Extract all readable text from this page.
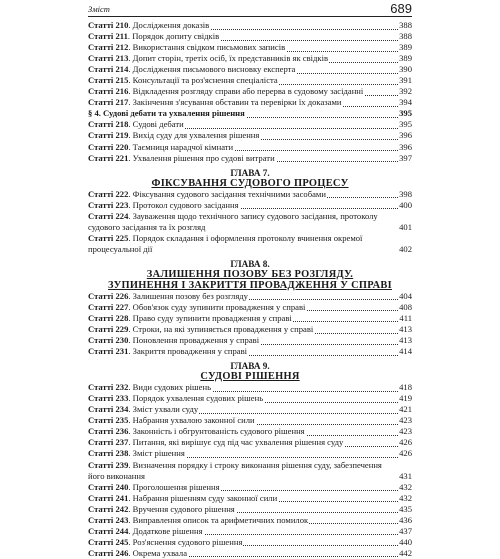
Зміст	689
Статтi 210. Дослідження доказів	388
Статтi 211. Порядок допиту свідків	388
Статтi 212. Використання свідком письмових записів	389
Статтi 213. Допит сторін, третіх осіб, їх представників як свідків	389
Статтi 214. Дослідження письмового висновку експерта	390
Статтi 215. Консультації та роз'яснення спеціаліста	391
Статтi 216. Відкладення розгляду справи або перерва в судовому засіданні	392
Статтi 217. Закінчення з'ясування обставин та перевірки їх доказами	394
§ 4. Судові дебати та ухвалення рішення	395
Статтi 218. Судові дебати	395
Статтi 219. Вихід суду для ухвалення рішення	396
Статтi 220. Таємниця нарадчої кімнати	396
Статтi 221. Ухвалення рішення про судові витрати	397
ГЛАВА 7.
ФІКСУВАННЯ СУДОВОГО ПРОЦЕСУ
Статтi 222. Фіксування судового засідання технічними засобами	398
Статтi 223. Протокол судового засідання	400
Статтi 224. Зауваження щодо технічного запису судового засідання, протоколу
судового засідання та їх розгляд	401
Статтi 225. Порядок складання і оформлення протоколу вчинення окремої
процесуальної дії	402
ГЛАВА 8.
ЗАЛИШЕННЯ ПОЗОВУ БЕЗ РОЗГЛЯДУ.
ЗУПИНЕННЯ І ЗАКРИТТЯ ПРОВАДЖЕННЯ У СПРАВІ
Статтi 226. Залишення позову без розгляду	404
Статтi 227. Обов'язок суду зупинити провадження у справі	408
Статтi 228. Право суду зупинити провадження у справі	411
Статтi 229. Строки, на які зупиняється провадження у справі	413
Статтi 230. Поновлення провадження у справі	413
Статтi 231. Закриття провадження у справі	414
ГЛАВА 9.
СУДОВІ РІШЕННЯ
Статтi 232. Види судових рішень	418
Статтi 233. Порядок ухвалення судових рішень	419
Статтi 234. Зміст ухвали суду	421
Статтi 235. Набрання ухвалою законної сили	423
Статтi 236. Законність і обгрунтованість судового рішення	423
Статтi 237. Питання, які вирішує суд під час ухвалення рішення суду	426
Статтi 238. Зміст рішення	426
Статтi 239. Визначення порядку і строку виконання рішення суду, забезпечення
його виконання	431
Статтi 240. Проголошення рішення	432
Статтi 241. Набрання рішенням суду законної сили	432
Статтi 242. Вручення судового рішення	435
Статтi 243. Виправлення описок та арифметичних помилок	436
Статтi 244. Додаткове рішення	437
Статтi 245. Роз'яснення судового рішення	440
Статтi 246. Окрема ухвала	442
